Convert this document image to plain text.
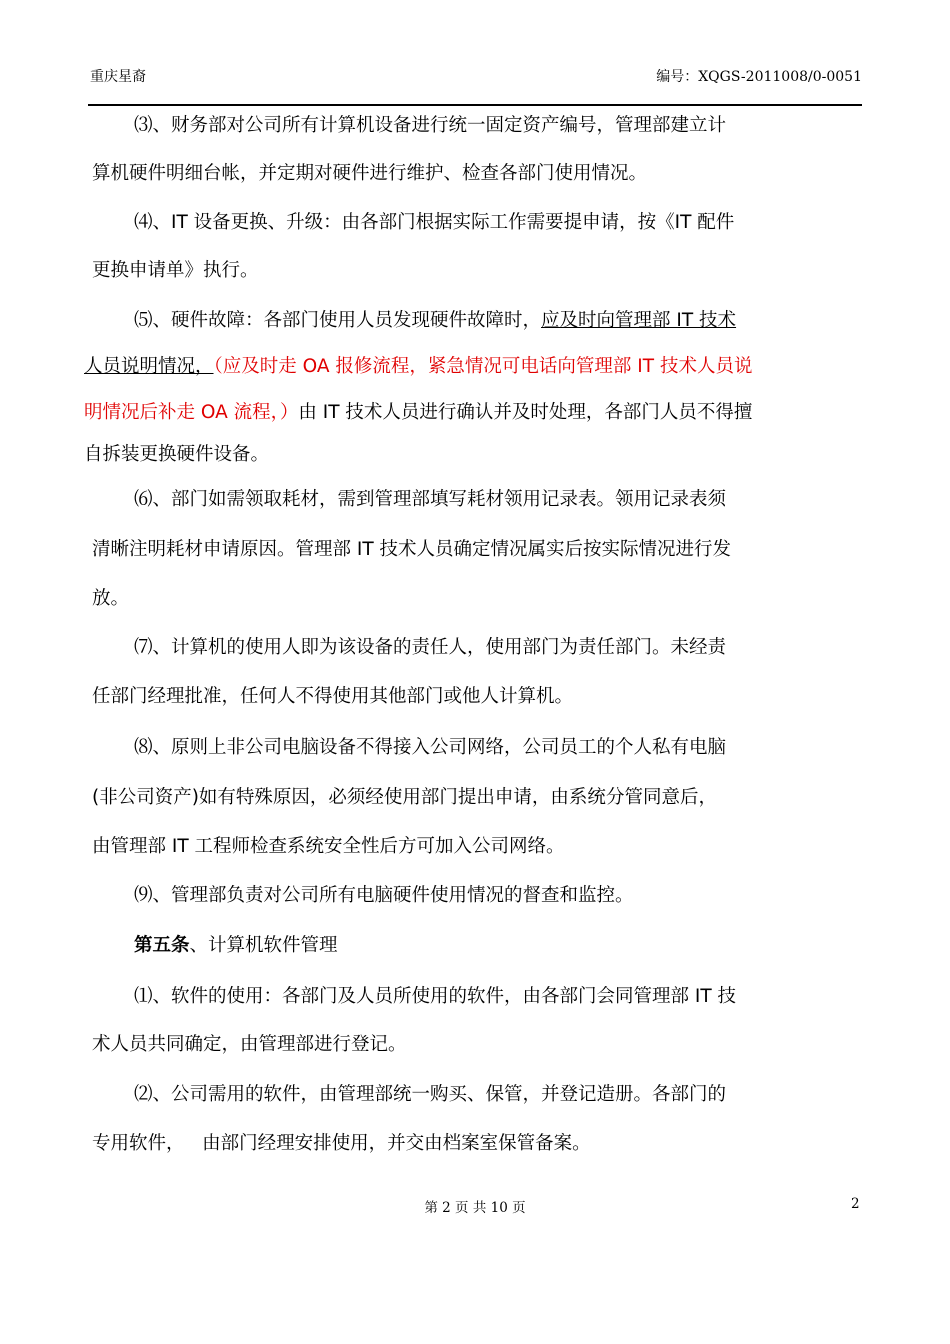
重庆星裔	编号：XQGS-2011008/0-0051
⑶、财务部对公司所有计算机设备进行统一固定资产编号，管理部建立计
算机硬件明细台帐，并定期对硬件进行维护、检查各部门使用情况。
⑷、IT 设备更换、升级：由各部门根据实际工作需要提申请，按《IT 配件
更换申请单》执行。
⑸、硬件故障：各部门使用人员发现硬件故障时，应及时向管理部 IT 技术
人员说明情况，（应及时走 OA 报修流程，紧急情况可电话向管理部 IT 技术人员说
明情况后补走 OA 流程，）由 IT 技术人员进行确认并及时处理，各部门人员不得擅
自拆装更换硬件设备。
⑹、部门如需领取耗材，需到管理部填写耗材领用记录表。领用记录表须
清晰注明耗材申请原因。管理部 IT 技术人员确定情况属实后按实际情况进行发
放。
⑺、计算机的使用人即为该设备的责任人，使用部门为责任部门。未经责
任部门经理批准，任何人不得使用其他部门或他人计算机。
⑻、原则上非公司电脑设备不得接入公司网络，公司员工的个人私有电脑
(非公司资产)如有特殊原因，必须经使用部门提出申请，由系统分管同意后，
由管理部 IT 工程师检查系统安全性后方可加入公司网络。
⑼、管理部负责对公司所有电脑硬件使用情况的督查和监控。
第五条、计算机软件管理
⑴、软件的使用：各部门及人员所使用的软件，由各部门会同管理部 IT 技
术人员共同确定，由管理部进行登记。
⑵、公司需用的软件，由管理部统一购买、保管，并登记造册。各部门的
专用软件，   由部门经理安排使用，并交由档案室保管备案。
第 2 页 共 10 页	2
